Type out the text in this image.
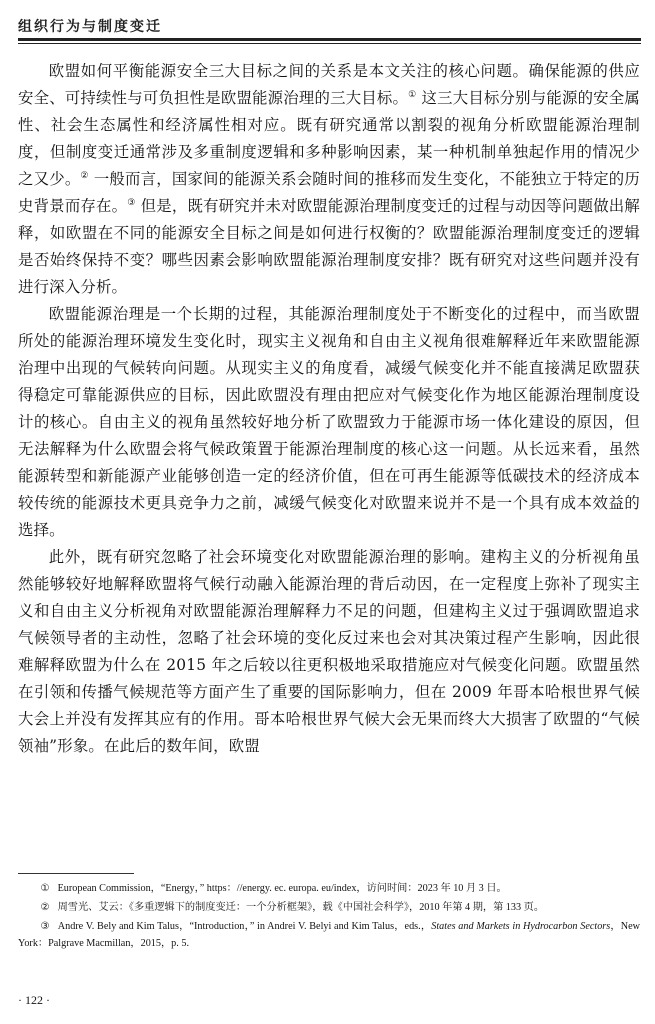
组织行为与制度变迁

欧盟如何平衡能源安全三大目标之间的关系是本文关注的核心问题。确保能源的供应安全、可持续性与可负担性是欧盟能源治理的三大目标。① 这三大目标分别与能源的安全属性、社会生态属性和经济属性相对应。既有研究通常以割裂的视角分析欧盟能源治理制度，但制度变迁通常涉及多重制度逻辑和多种影响因素，某一种机制单独起作用的情况少之又少。② 一般而言，国家间的能源关系会随时间的推移而发生变化，不能独立于特定的历史背景而存在。③ 但是，既有研究并未对欧盟能源治理制度变迁的过程与动因等问题做出解释，如欧盟在不同的能源安全目标之间是如何进行权衡的？欧盟能源治理制度变迁的逻辑是否始终保持不变？哪些因素会影响欧盟能源治理制度安排？既有研究对这些问题并没有进行深入分析。

欧盟能源治理是一个长期的过程，其能源治理制度处于不断变化的过程中，而当欧盟所处的能源治理环境发生变化时，现实主义视角和自由主义视角很难解释近年来欧盟能源治理中出现的气候转向问题。从现实主义的角度看，减缓气候变化并不能直接满足欧盟获得稳定可靠能源供应的目标，因此欧盟没有理由把应对气候变化作为地区能源治理制度设计的核心。自由主义的视角虽然较好地分析了欧盟致力于能源市场一体化建设的原因，但无法解释为什么欧盟会将气候政策置于能源治理制度的核心这一问题。从长远来看，虽然能源转型和新能源产业能够创造一定的经济价值，但在可再生能源等低碳技术的经济成本较传统的能源技术更具竞争力之前，减缓气候变化对欧盟来说并不是一个具有成本效益的选择。

此外，既有研究忽略了社会环境变化对欧盟能源治理的影响。建构主义的分析视角虽然能够较好地解释欧盟将气候行动融入能源治理的背后动因，在一定程度上弥补了现实主义和自由主义分析视角对欧盟能源治理解释力不足的问题，但建构主义过于强调欧盟追求气候领导者的主动性，忽略了社会环境的变化反过来也会对其决策过程产生影响，因此很难解释欧盟为什么在 2015 年之后较以往更积极地采取措施应对气候变化问题。欧盟虽然在引领和传播气候规范等方面产生了重要的国际影响力，但在 2009 年哥本哈根世界气候大会上并没有发挥其应有的作用。哥本哈根世界气候大会无果而终大大损害了欧盟的“气候领袖”形象。在此后的数年间，欧盟

① European Commission，“Energy，” https：//energy. ec. europa. eu/index，访问时间：2023 年 10 月 3 日。

② 周雪光、艾云：《多重逻辑下的制度变迁：一个分析框架》，载《中国社会科学》，2010 年第 4 期，第 133 页。

③ Andre V. Bely and Kim Talus，“Introduction，” in Andrei V. Belyi and Kim Talus，eds.，States and Markets in Hydrocarbon Sectors，New York：Palgrave Macmillan，2015，p. 5.

· 122 ·
